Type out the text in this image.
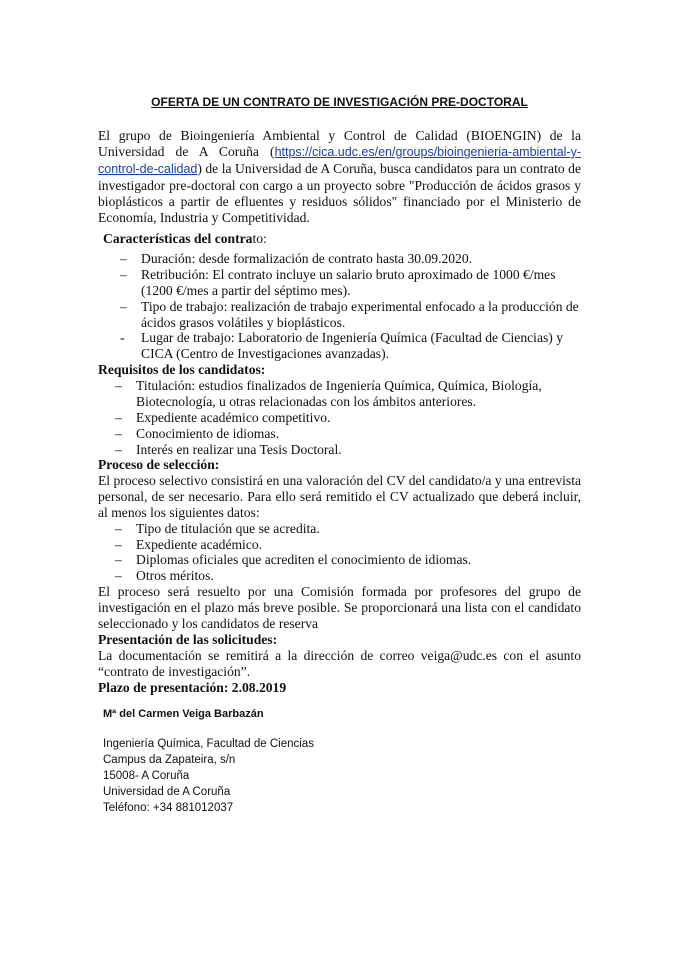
OFERTA DE UN CONTRATO DE INVESTIGACIÓN PRE-DOCTORAL
El grupo de Bioingeniería Ambiental y Control de Calidad (BIOENGIN) de la Universidad de A Coruña (https://cica.udc.es/en/groups/bioingenieria-ambiental-y-control-de-calidad) de la Universidad de A Coruña, busca candidatos para un contrato de investigador pre-doctoral con cargo a un proyecto sobre "Producción de ácidos grasos y bioplásticos a partir de efluentes y residuos sólidos" financiado por el Ministerio de Economía, Industria y Competitividad.
Características del contrato:
– Duración: desde formalización de contrato hasta 30.09.2020.
– Retribución: El contrato incluye un salario bruto aproximado de 1000 €/mes (1200 €/mes a partir del séptimo mes).
– Tipo de trabajo: realización de trabajo experimental enfocado a la producción de ácidos grasos volátiles y bioplásticos.
- Lugar de trabajo: Laboratorio de Ingeniería Química (Facultad de Ciencias) y CICA (Centro de Investigaciones avanzadas).
Requisitos de los candidatos:
– Titulación: estudios finalizados de Ingeniería Química, Química, Biología, Biotecnología, u otras relacionadas con los ámbitos anteriores.
– Expediente académico competitivo.
– Conocimiento de idiomas.
– Interés en realizar una Tesis Doctoral.
Proceso de selección:
El proceso selectivo consistirá en una valoración del CV del candidato/a y una entrevista personal, de ser necesario. Para ello será remitido el CV actualizado que deberá incluir, al menos los siguientes datos:
– Tipo de titulación que se acredita.
– Expediente académico.
– Diplomas oficiales que acrediten el conocimiento de idiomas.
– Otros méritos.
El proceso será resuelto por una Comisión formada por profesores del grupo de investigación en el plazo más breve posible. Se proporcionará una lista con el candidato seleccionado y los candidatos de reserva
Presentación de las solicitudes:
La documentación se remitirá a la dirección de correo veiga@udc.es con el asunto “contrato de investigación”.
Plazo de presentación: 2.08.2019
Mª del Carmen Veiga Barbazán
Ingeniería Química, Facultad de Ciencias
Campus da Zapateira, s/n
15008- A Coruña
Universidad de A Coruña
Teléfono: +34 881012037
